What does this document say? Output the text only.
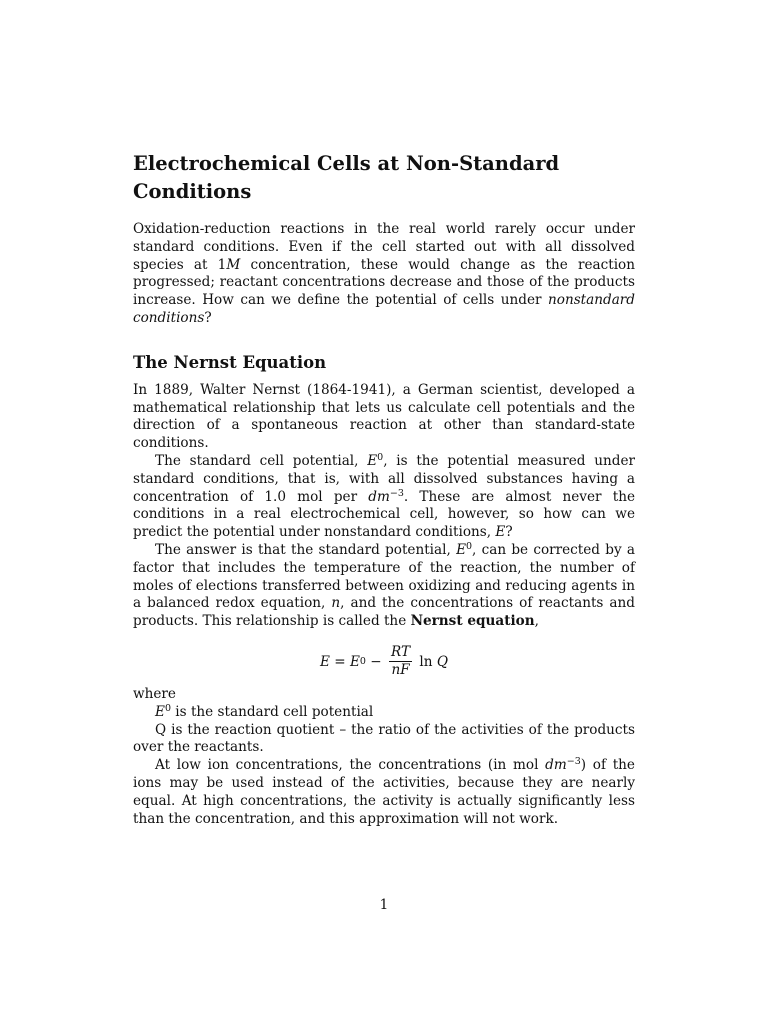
Electrochemical Cells at Non-Standard Conditions

Oxidation-reduction reactions in the real world rarely occur under standard conditions. Even if the cell started out with all dissolved species at 1M concentration, these would change as the reaction progressed; reactant concentrations decrease and those of the products increase. How can we define the potential of cells under nonstandard conditions?

The Nernst Equation

In 1889, Walter Nernst (1864-1941), a German scientist, developed a mathematical relationship that lets us calculate cell potentials and the direction of a spontaneous reaction at other than standard-state conditions.

The standard cell potential, $E^0$, is the potential measured under standard conditions, that is, with all dissolved substances having a concentration of 1.0 mol per $dm^{-3}$. These are almost never the conditions in a real electrochemical cell, however, so how can we predict the potential under nonstandard conditions, E?

The answer is that the standard potential, $E^0$, can be corrected by a factor that includes the temperature of the reaction, the number of moles of elections transferred between oxidizing and reducing agents in a balanced redox equation, n, and the concentrations of reactants and products. This relationship is called the Nernst equation,

E = E $0 - \frac{RT}{nF}$ ln Q

where

$E^0$ is the standard cell potential

Q is the reaction quotient – the ratio of the activities of the products over the reactants.

At low ion concentrations, the concentrations (in mol $dm^{-3}$) of the ions may be used instead of the activities, because they are nearly equal. At high concentrations, the activity is actually significantly less than the concentration, and this approximation will not work.

1
